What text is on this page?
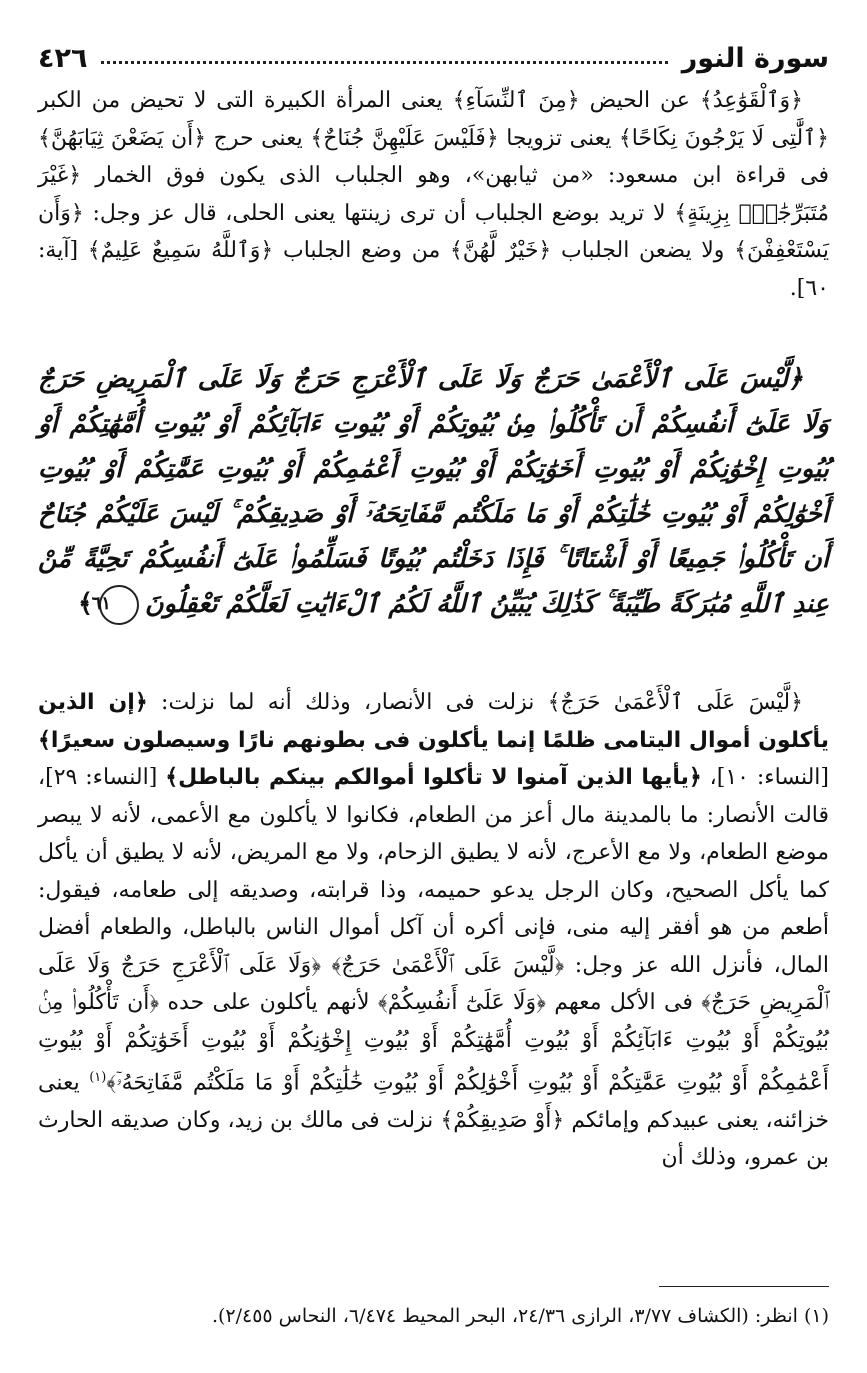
سورة النور
٤٢٦

﴿وَٱلْقَوَٰعِدُ﴾ عن الحيض ﴿مِنَ ٱلنِّسَآءِ﴾ يعنى المرأة الكبيرة التى لا تحيض من الكبر ﴿ٱلَّٰتِى لَا يَرْجُونَ نِكَاحًا﴾ يعنى تزويجا ﴿فَلَيْسَ عَلَيْهِنَّ جُنَاحٌ﴾ يعنى حرج ﴿أَن يَضَعْنَ ثِيَابَهُنَّ﴾ فى قراءة ابن مسعود: «من ثيابهن»، وهو الجلباب الذى يكون فوق الخمار ﴿غَيْرَ مُتَبَرِّجَٰتٍۭ بِزِينَةٍ﴾ لا تريد بوضع الجلباب أن ترى زينتها يعنى الحلى، قال عز وجل: ﴿وَأَن يَسْتَعْفِفْنَ﴾ ولا يضعن الجلباب ﴿خَيْرٌ لَّهُنَّ﴾ من وضع الجلباب ﴿وَٱللَّهُ سَمِيعٌ عَلِيمٌ﴾ [آية: ٦٠].

﴿لَّيْسَ عَلَى ٱلْأَعْمَىٰ حَرَجٌ وَلَا عَلَى ٱلْأَعْرَجِ حَرَجٌ وَلَا عَلَى ٱلْمَرِيضِ حَرَجٌ وَلَا عَلَىٰٓ أَنفُسِكُمْ أَن تَأْكُلُوا۟ مِنۢ بُيُوتِكُمْ أَوْ بُيُوتِ ءَابَآئِكُمْ أَوْ بُيُوتِ أُمَّهَٰتِكُمْ أَوْ بُيُوتِ إِخْوَٰنِكُمْ أَوْ بُيُوتِ أَخَوَٰتِكُمْ أَوْ بُيُوتِ أَعْمَٰمِكُمْ أَوْ بُيُوتِ عَمَّٰتِكُمْ أَوْ بُيُوتِ أَخْوَٰلِكُمْ أَوْ بُيُوتِ خَٰلَٰتِكُمْ أَوْ مَا مَلَكْتُم مَّفَاتِحَهُۥٓ أَوْ صَدِيقِكُمْ ۚ لَيْسَ عَلَيْكُمْ جُنَاحٌ أَن تَأْكُلُوا۟ جَمِيعًا أَوْ أَشْتَاتًا ۚ فَإِذَا دَخَلْتُم بُيُوتًا فَسَلِّمُوا۟ عَلَىٰٓ أَنفُسِكُمْ تَحِيَّةً مِّنْ عِندِ ٱللَّهِ مُبَٰرَكَةً طَيِّبَةً ۚ كَذَٰلِكَ يُبَيِّنُ ٱللَّهُ لَكُمُ ٱلْءَايَٰتِ لَعَلَّكُمْ تَعْقِلُونَ٦١﴾

﴿لَّيْسَ عَلَى ٱلْأَعْمَىٰ حَرَجٌ﴾ نزلت فى الأنصار، وذلك أنه لما نزلت: ﴿إن الذين يأكلون أموال اليتامى ظلمًا إنما يأكلون فى بطونهم نارًا وسيصلون سعيرًا﴾ [النساء: ١٠]، ﴿يأيها الذين آمنوا لا تأكلوا أموالكم بينكم بالباطل﴾ [النساء: ٢٩]، قالت الأنصار: ما بالمدينة مال أعز من الطعام، فكانوا لا يأكلون مع الأعمى، لأنه لا يبصر موضع الطعام، ولا مع الأعرج، لأنه لا يطيق الزحام، ولا مع المريض، لأنه لا يطيق أن يأكل كما يأكل الصحيح، وكان الرجل يدعو حميمه، وذا قرابته، وصديقه إلى طعامه، فيقول: أطعم من هو أفقر إليه منى، فإنى أكره أن آكل أموال الناس بالباطل، والطعام أفضل المال، فأنزل الله عز وجل: ﴿لَّيْسَ عَلَى ٱلْأَعْمَىٰ حَرَجٌ﴾ ﴿وَلَا عَلَى ٱلْأَعْرَجِ حَرَجٌ وَلَا عَلَى ٱلْمَرِيضِ حَرَجٌ﴾ فى الأكل معهم ﴿وَلَا عَلَىٰٓ أَنفُسِكُمْ﴾ لأنهم يأكلون على حده ﴿أَن تَأْكُلُوا۟ مِنۢ بُيُوتِكُمْ أَوْ بُيُوتِ ءَابَآئِكُمْ أَوْ بُيُوتِ أُمَّهَٰتِكُمْ أَوْ بُيُوتِ إِخْوَٰنِكُمْ أَوْ بُيُوتِ أَخَوَٰتِكُمْ أَوْ بُيُوتِ أَعْمَٰمِكُمْ أَوْ بُيُوتِ عَمَّٰتِكُمْ أَوْ بُيُوتِ أَخْوَٰلِكُمْ أَوْ بُيُوتِ خَٰلَٰتِكُمْ أَوْ مَا مَلَكْتُم مَّفَاتِحَهُۥٓ﴾$^{(١)}$ يعنى خزائنه، يعنى عبيدكم وإمائكم ﴿أَوْ صَدِيقِكُمْ﴾ نزلت فى مالك بن زيد، وكان صديقه الحارث بن عمرو، وذلك أن

(١) انظر: (الكشاف ٣/٧٧، الرازى ٢٤/٣٦، البحر المحيط ٦/٤٧٤، النحاس ٢/٤٥٥).
